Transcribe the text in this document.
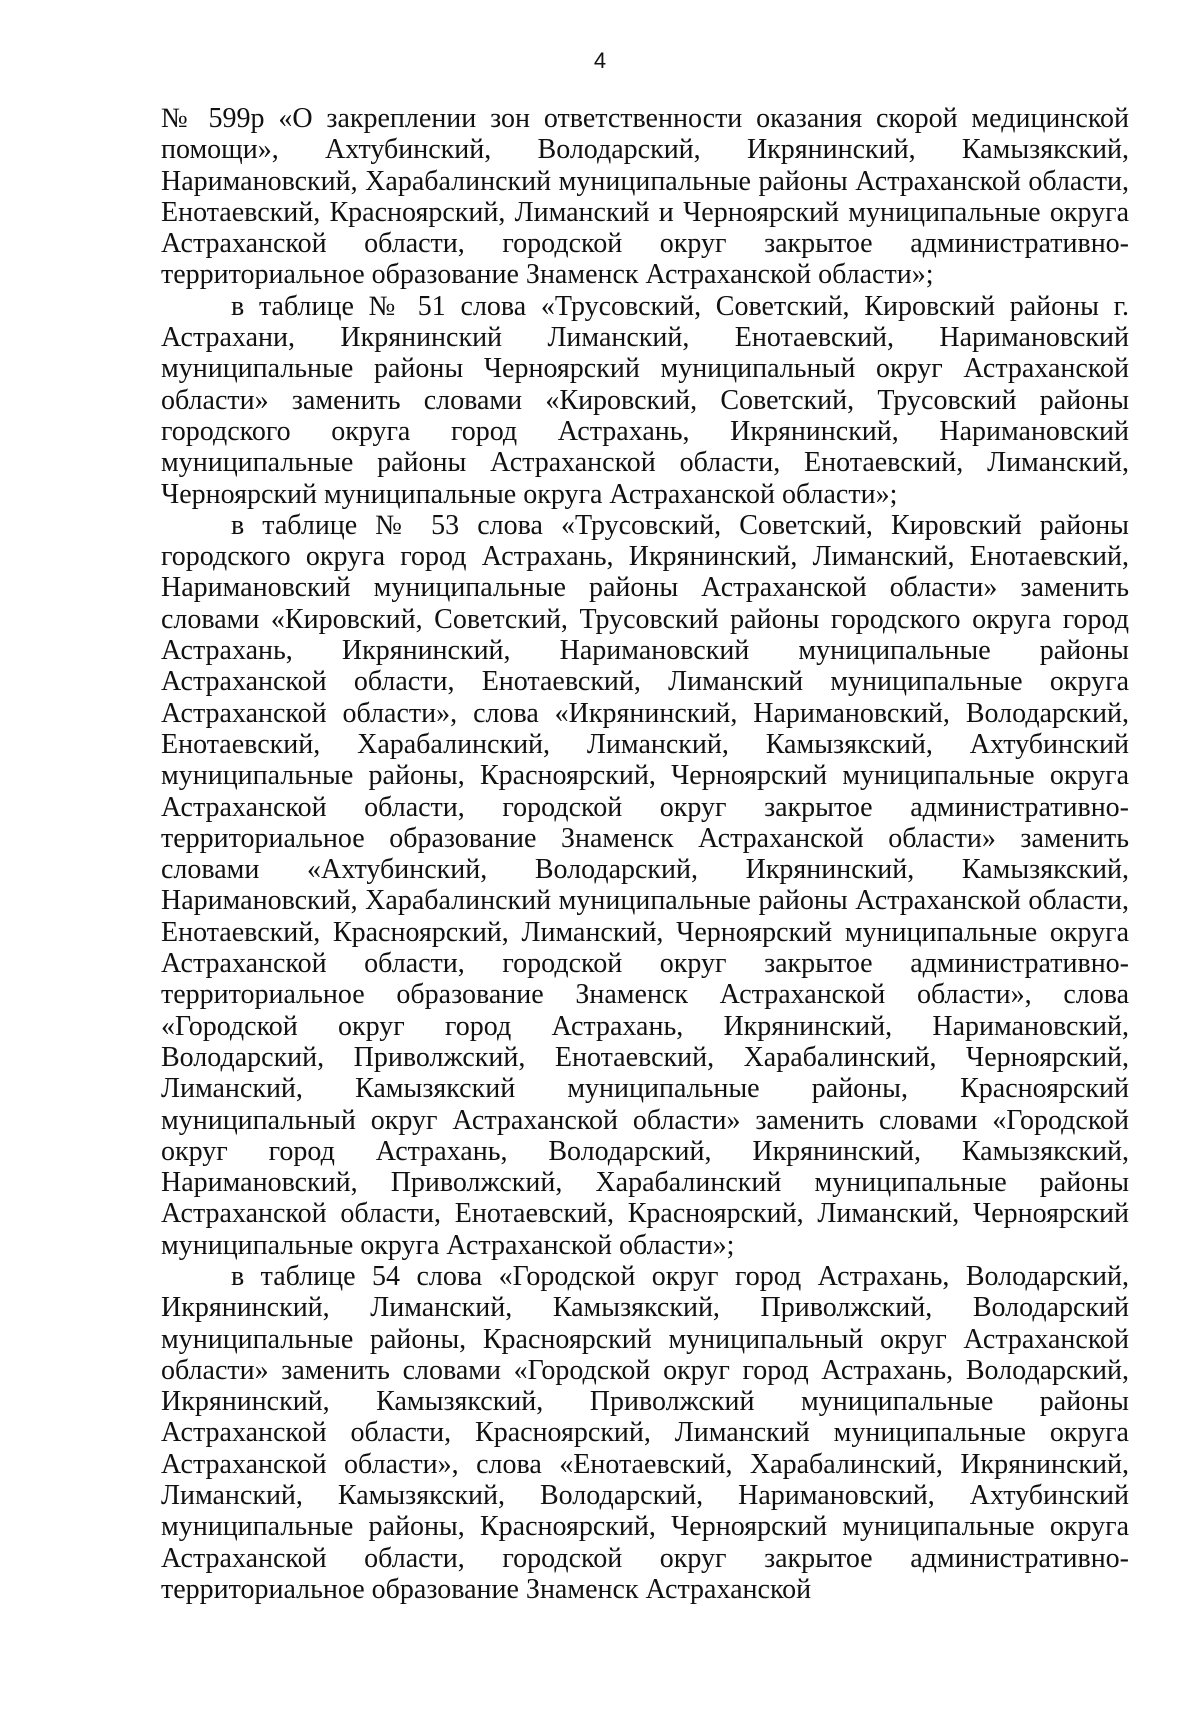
4

№ 599р «О закреплении зон ответственности оказания скорой медицинской помощи», Ахтубинский, Володарский, Икрянинский, Камызякский, Наримановский, Харабалинский муниципальные районы Астраханской области, Енотаевский, Красноярский, Лиманский и Черноярский муниципальные округа Астраханской области, городской округ закрытое административно-территориальное образование Знаменск Астраханской области»;

в таблице № 51 слова «Трусовский, Советский, Кировский районы г. Астрахани, Икрянинский Лиманский, Енотаевский, Наримановский муниципальные районы Черноярский муниципальный округ Астраханской области» заменить словами «Кировский, Советский, Трусовский районы городского округа город Астрахань, Икрянинский, Наримановский муниципальные районы Астраханской области, Енотаевский, Лиманский, Черноярский муниципальные округа Астраханской области»;

в таблице № 53 слова «Трусовский, Советский, Кировский районы городского округа город Астрахань, Икрянинский, Лиманский, Енотаевский, Наримановский муниципальные районы Астраханской области» заменить словами «Кировский, Советский, Трусовский районы городского округа город Астрахань, Икрянинский, Наримановский муниципальные районы Астраханской области, Енотаевский, Лиманский муниципальные округа Астраханской области», слова «Икрянинский, Наримановский, Володарский, Енотаевский, Харабалинский, Лиманский, Камызякский, Ахтубинский муниципальные районы, Красноярский, Черноярский муниципальные округа Астраханской области, городской округ закрытое административно-территориальное образование Знаменск Астраханской области» заменить словами «Ахтубинский, Володарский, Икрянинский, Камызякский, Наримановский, Харабалинский муниципальные районы Астраханской области, Енотаевский, Красноярский, Лиманский, Черноярский муниципальные округа Астраханской области, городской округ закрытое административно-территориальное образование Знаменск Астраханской области», слова «Городской округ город Астрахань, Икрянинский, Наримановский, Володарский, Приволжский, Енотаевский, Харабалинский, Черноярский, Лиманский, Камызякский муниципальные районы, Красноярский муниципальный округ Астраханской области» заменить словами «Городской округ город Астрахань, Володарский, Икрянинский, Камызякский, Наримановский, Приволжский, Харабалинский муниципальные районы Астраханской области, Енотаевский, Красноярский, Лиманский, Черноярский муниципальные округа Астраханской области»;

в таблице 54 слова «Городской округ город Астрахань, Володарский, Икрянинский, Лиманский, Камызякский, Приволжский, Володарский муниципальные районы, Красноярский муниципальный округ Астраханской области» заменить словами «Городской округ город Астрахань, Володарский, Икрянинский, Камызякский, Приволжский муниципальные районы Астраханской области, Красноярский, Лиманский муниципальные округа Астраханской области», слова «Енотаевский, Харабалинский, Икрянинский, Лиманский, Камызякский, Володарский, Наримановский, Ахтубинский муниципальные районы, Красноярский, Черноярский муниципальные округа Астраханской области, городской округ закрытое административно-территориальное образование Знаменск Астраханской
